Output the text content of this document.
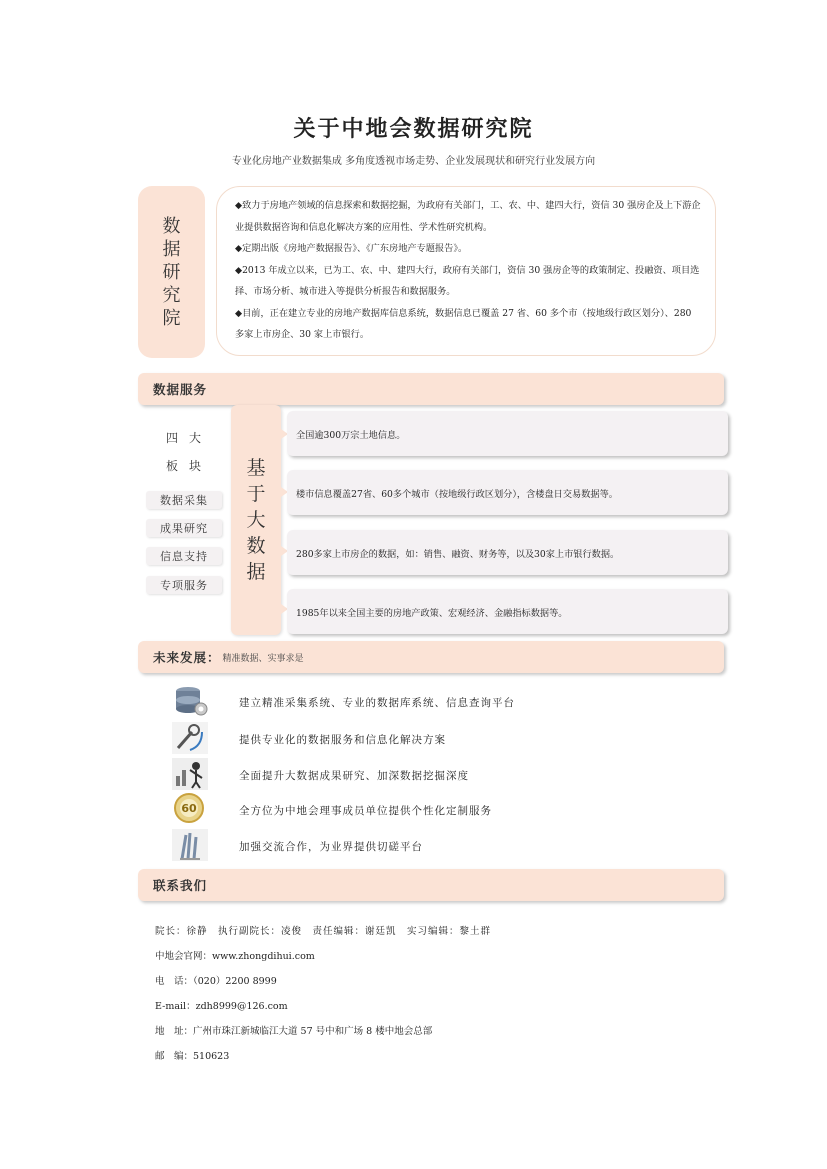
关于中地会数据研究院
专业化房地产业数据集成 多角度透视市场走势、企业发展现状和研究行业发展方向
数据研究院

◆致力于房地产领域的信息探索和数据挖掘，为政府有关部门，工、农、中、建四大行，资信 30 强房企及上下游企业提供数据咨询和信息化解决方案的应用性、学术性研究机构。

◆定期出版《房地产数据报告》、《广东房地产专题报告》。

◆2013 年成立以来，已为工、农、中、建四大行，政府有关部门，资信 30 强房企等的政策制定、投融资、项目选择、市场分析、城市进入等提供分析报告和数据服务。

◆目前，正在建立专业的房地产数据库信息系统，数据信息已覆盖 27 省、60 多个市（按地级行政区划分）、280 多家上市房企、30 家上市银行。

数据服务
四大板块
数据采集
成果研究
信息支持
专项服务
基于大数据
全国逾300万宗土地信息。
楼市信息覆盖27省、60多个城市（按地级行政区划分），含楼盘日交易数据等。
280多家上市房企的数据，如：销售、融资、财务等，以及30家上市银行数据。
1985年以来全国主要的房地产政策、宏观经济、金融指标数据等。
未来发展： 精准数据、实事求是
60
建立精准采集系统、专业的数据库系统、信息查询平台
提供专业化的数据服务和信息化解决方案
全面提升大数据成果研究、加深数据挖掘深度
全方位为中地会理事成员单位提供个性化定制服务
加强交流合作，为业界提供切磋平台
联系我们
院长：徐静　执行副院长：凌俊　责任编辑：谢廷凯　实习编辑：黎土群
中地会官网：www.zhongdihui.com
电　话：（020）2200 8999
E-mail：zdh8999@126.com
地　址：广州市珠江新城临江大道 57 号中和广场 8 楼中地会总部
邮　编：510623
